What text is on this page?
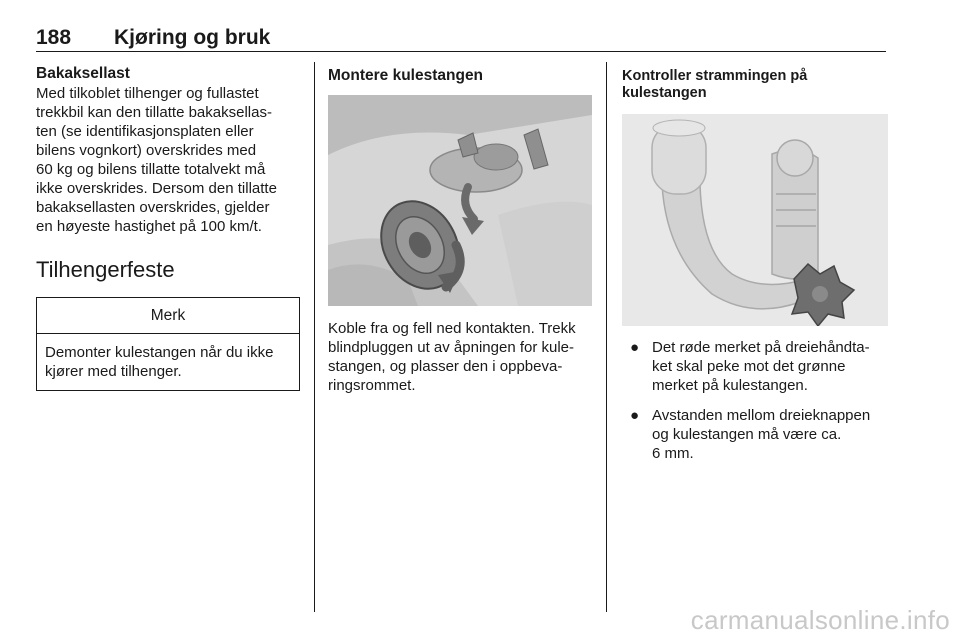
188 Kjøring og bruk
Bakaksellast

Med tilkoblet tilhenger og fullastet
trekkbil kan den tillatte bakaksellas-
ten (se identifikasjonsplaten eller
bilens vognkort) overskrides med
60 kg og bilens tillatte totalvekt må
ikke overskrides. Dersom den tillatte
bakaksellasten overskrides, gjelder
en høyeste hastighet på 100 km/t.

Tilhengerfeste
Merk
Demonter kulestangen når du ikke
kjører med tilhenger.
Montere kulestangen

Koble fra og fell ned kontakten. Trekk
blindpluggen ut av åpningen for kule-
stangen, og plasser den i oppbeva-
ringsrommet.

Kontroller strammingen på
kulestangen
● Det røde merket på dreiehåndta-
ket skal peke mot det grønne
merket på kulestangen.
● Avstanden mellom dreieknappen
og kulestangen må være ca.
6 mm.
carmanualsonline.info
